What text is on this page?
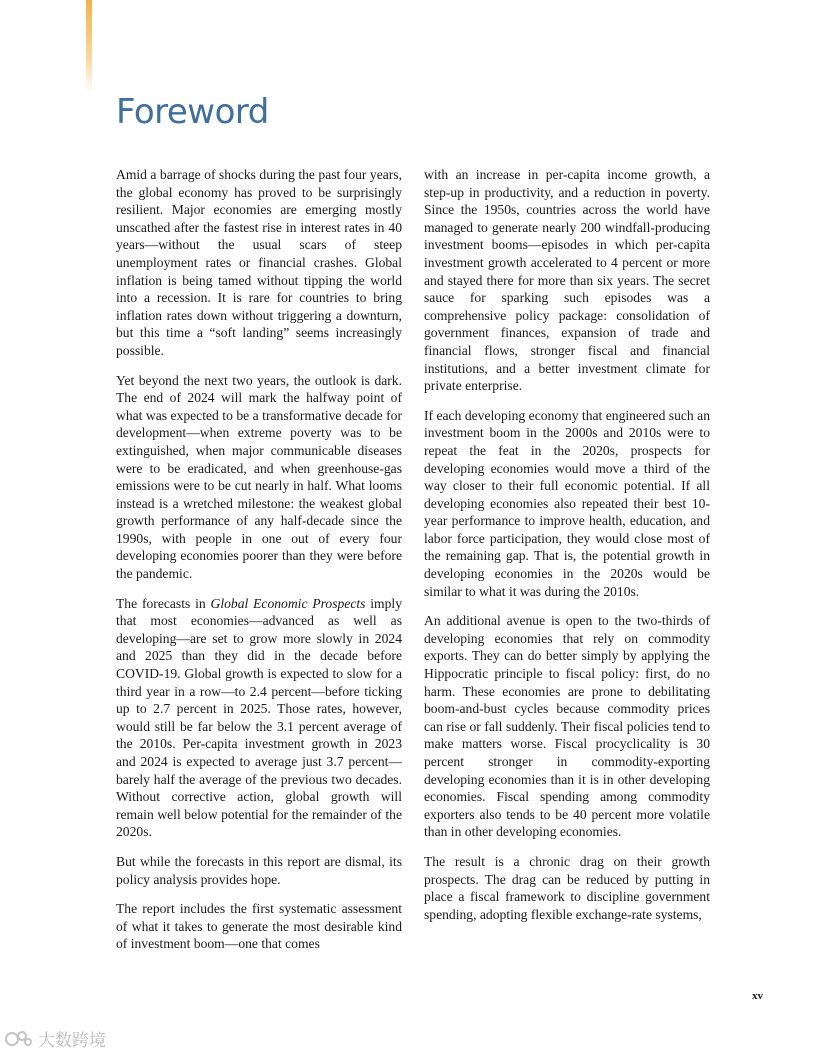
Foreword

Amid a barrage of shocks during the past four years, the global economy has proved to be surprisingly resilient. Major economies are emerging mostly unscathed after the fastest rise in interest rates in 40 years—without the usual scars of steep unemployment rates or financial crashes. Global inflation is being tamed without tipping the world into a recession. It is rare for countries to bring inflation rates down without triggering a downturn, but this time a “soft landing” seems increasingly possible.

Yet beyond the next two years, the outlook is dark. The end of 2024 will mark the halfway point of what was expected to be a transformative decade for development—when extreme poverty was to be extinguished, when major communicable diseases were to be eradicated, and when greenhouse-gas emissions were to be cut nearly in half. What looms instead is a wretched milestone: the weakest global growth performance of any half-decade since the 1990s, with people in one out of every four developing economies poorer than they were before the pandemic.

The forecasts in Global Economic Prospects imply that most economies—advanced as well as developing—are set to grow more slowly in 2024 and 2025 than they did in the decade before COVID-19. Global growth is expected to slow for a third year in a row—to 2.4 percent—before ticking up to 2.7 percent in 2025. Those rates, however, would still be far below the 3.1 percent average of the 2010s. Per-capita investment growth in 2023 and 2024 is expected to average just 3.7 percent—barely half the average of the previous two decades. Without corrective action, global growth will remain well below potential for the remainder of the 2020s.

But while the forecasts in this report are dismal, its policy analysis provides hope.

The report includes the first systematic assessment of what it takes to generate the most desirable kind of investment boom—one that comes

with an increase in per-capita income growth, a step-up in productivity, and a reduction in poverty. Since the 1950s, countries across the world have managed to generate nearly 200 windfall-producing investment booms—episodes in which per-capita investment growth accelerated to 4 percent or more and stayed there for more than six years. The secret sauce for sparking such episodes was a comprehensive policy package: consolidation of government finances, expansion of trade and financial flows, stronger fiscal and financial institutions, and a better investment climate for private enterprise.

If each developing economy that engineered such an investment boom in the 2000s and 2010s were to repeat the feat in the 2020s, prospects for developing economies would move a third of the way closer to their full economic potential. If all developing economies also repeated their best 10-year performance to improve health, education, and labor force participation, they would close most of the remaining gap. That is, the potential growth in developing economies in the 2020s would be similar to what it was during the 2010s.

An additional avenue is open to the two-thirds of developing economies that rely on commodity exports. They can do better simply by applying the Hippocratic principle to fiscal policy: first, do no harm. These economies are prone to debilitating boom-and-bust cycles because commodity prices can rise or fall suddenly. Their fiscal policies tend to make matters worse. Fiscal procyclicality is 30 percent stronger in commodity-exporting developing economies than it is in other developing economies. Fiscal spending among commodity exporters also tends to be 40 percent more volatile than in other developing economies.

The result is a chronic drag on their growth prospects. The drag can be reduced by putting in place a fiscal framework to discipline government spending, adopting flexible exchange-rate systems,

xv
大数跨境
